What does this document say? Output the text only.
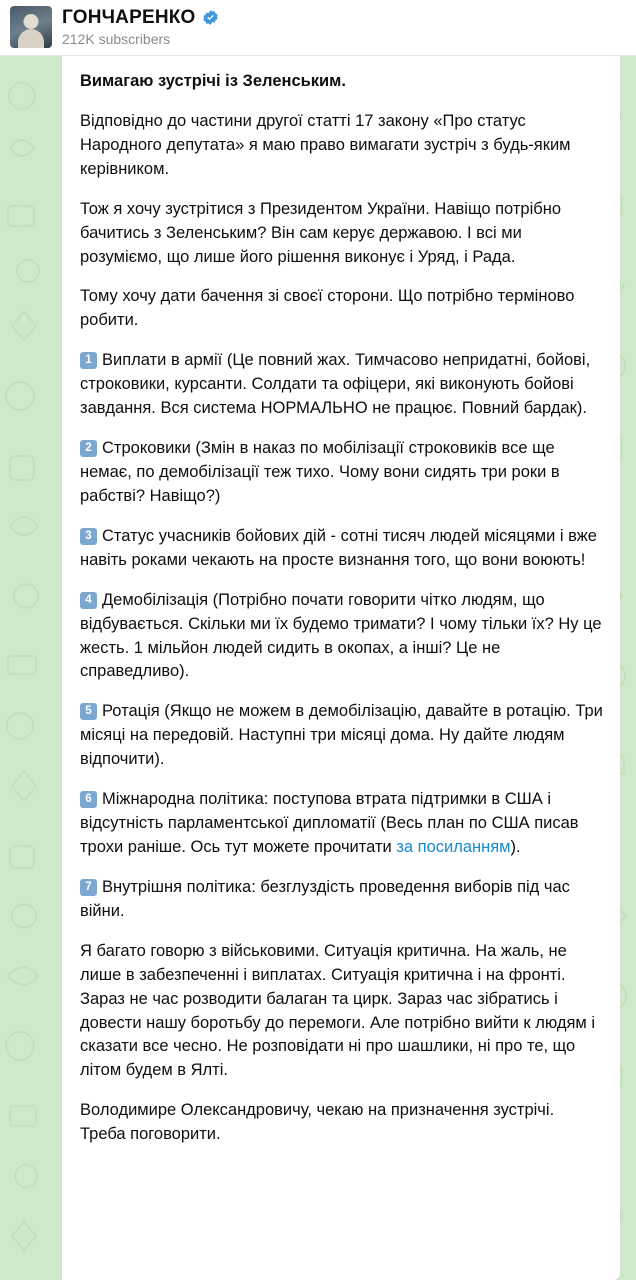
ГОНЧАРЕНКО
212K subscribers

Вимагаю зустрічі із Зеленським.

Відповідно до частини другої статті 17 закону «Про статус Народного депутата» я маю право вимагати зустріч з будь-яким керівником.

Тож я хочу зустрітися з Президентом України. Навіщо потрібно бачитись з Зеленським? Він сам керує державою. І всі ми розуміємо, що лише його рішення виконує і Уряд, і Рада.

Тому хочу дати бачення зі своєї сторони. Що потрібно терміново робити.

1 Виплати в армії (Це повний жах. Тимчасово непридатні, бойові, строковики, курсанти. Солдати та офіцери, які виконують бойові завдання. Вся система НОРМАЛЬНО не працює. Повний бардак).

2 Строковики (Змін в наказ по мобілізації строковиків все ще немає, по демобілізації теж тихо. Чому вони сидять три роки в рабстві? Навіщо?)

3 Статус учасників бойових дій - сотні тисяч людей місяцями і вже навіть роками чекають на просте визнання того, що вони воюють!

4 Демобілізація (Потрібно почати говорити чітко людям, що відбувається. Скільки ми їх будемо тримати? І чому тільки їх? Ну це жесть. 1 мільйон людей сидить в окопах, а інші? Це не справедливо).

5 Ротація (Якщо не можем в демобілізацію, давайте в ротацію. Три місяці на передовій. Наступні три місяці дома. Ну дайте людям відпочити).

6 Міжнародна політика: поступова втрата підтримки в США і відсутність парламентської дипломатії (Весь план по США писав трохи раніше. Ось тут можете прочитати за посиланням).

7 Внутрішня політика: безглуздість проведення виборів під час війни.

Я багато говорю з військовими. Ситуація критична. На жаль, не лише в забезпеченні і виплатах. Ситуація критична і на фронті. Зараз не час розводити балаган та цирк. Зараз час зібратись і довести нашу боротьбу до перемоги. Але потрібно вийти к людям і сказати все чесно. Не розповідати ні про шашлики, ні про те, що літом будем в Ялті.

Володимире Олександровичу, чекаю на призначення зустрічі. Треба поговорити.
